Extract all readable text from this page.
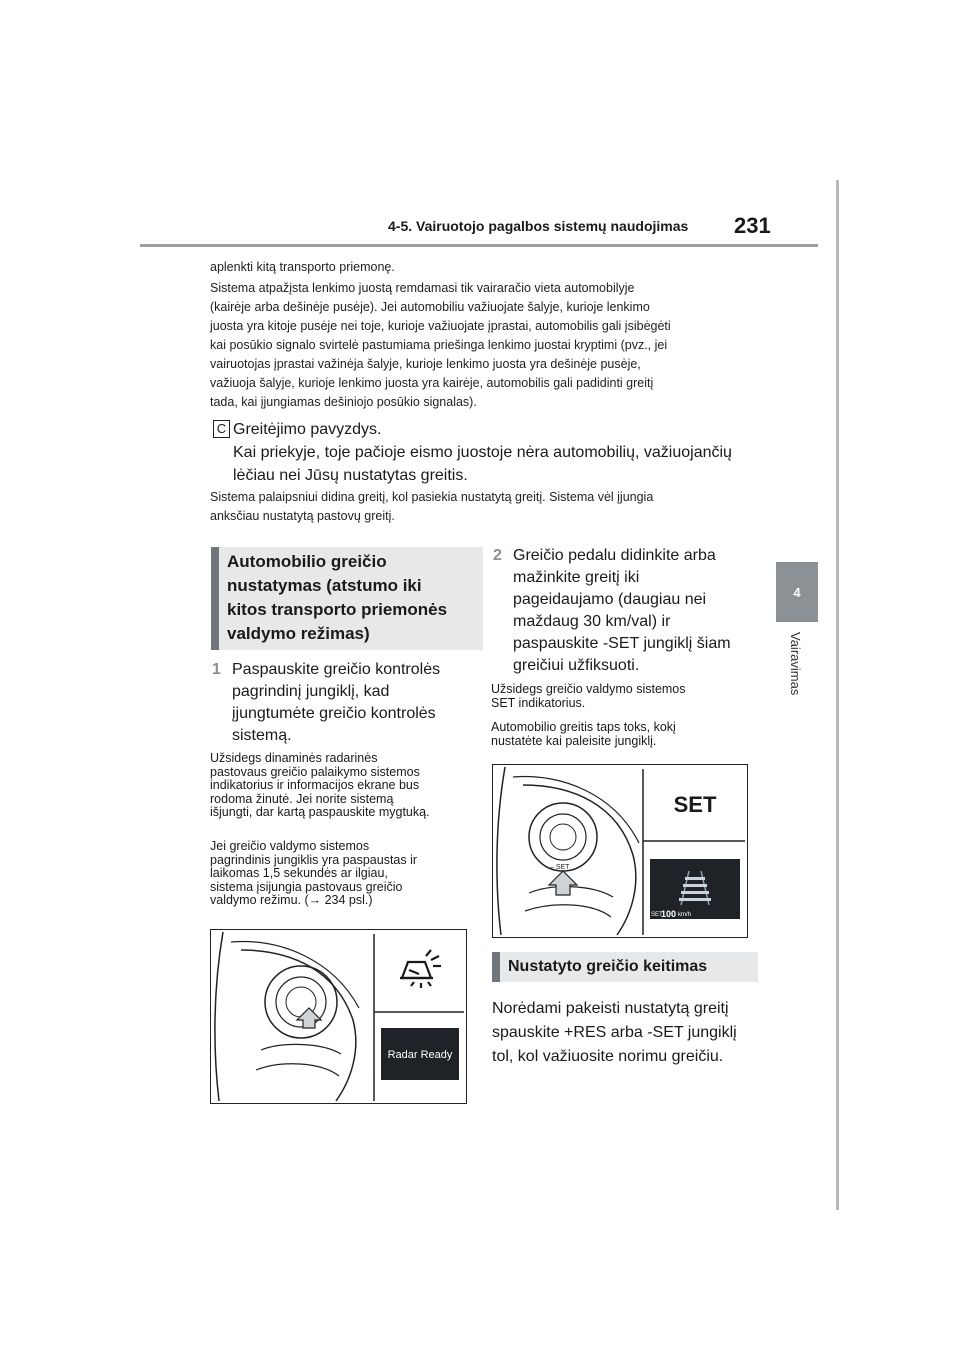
4-5. Vairuotojo pagalbos sistemų naudojimas 231
4
Vairavimas
aplenkti kitą transporto priemonę.
Sistema atpažįsta lenkimo juostą remdamasi tik vairaračio vieta automobilyje
(kairėje arba dešinėje pusėje). Jei automobiliu važiuojate šalyje, kurioje lenkimo
juosta yra kitoje pusėje nei toje, kurioje važiuojate įprastai, automobilis gali įsibėgėti
kai posūkio signalo svirtelė pastumiama priešinga lenkimo juostai kryptimi (pvz., jei
vairuotojas įprastai važinėja šalyje, kurioje lenkimo juosta yra dešinėje pusėje,
važiuoja šalyje, kurioje lenkimo juosta yra kairėje, automobilis gali padidinti greitį
tada, kai įjungiamas dešiniojo posūkio signalas).
C Greitėjimo pavyzdys.
Kai priekyje, toje pačioje eismo juostoje nėra automobilių, važiuojančių
lėčiau nei Jūsų nustatytas greitis.
Sistema palaipsniui didina greitį, kol pasiekia nustatytą greitį. Sistema vėl įjungia
anksčiau nustatytą pastovų greitį.
Automobilio greičio
nustatymas (atstumo iki
kitos transporto priemonės
valdymo režimas)
1 Paspauskite greičio kontrolės
pagrindinį jungiklį, kad
įjungtumėte greičio kontrolės
sistemą.
Užsidegs dinaminės radarinės
pastovaus greičio palaikymo sistemos
indikatorius ir informacijos ekrane bus
rodoma žinutė. Jei norite sistemą
išjungti, dar kartą paspauskite mygtuką.
Jei greičio valdymo sistemos
pagrindinis jungiklis yra paspaustas ir
laikomas 1,5 sekundės ar ilgiau,
sistema įsijungia pastovaus greičio
valdymo režimu. (→ 234 psl.)
Radar Ready
2 Greičio pedalu didinkite arba
mažinkite greitį iki
pageidaujamo (daugiau nei
maždaug 30 km/val) ir
paspauskite -SET jungiklį šiam
greičiui užfiksuoti.
Užsidegs greičio valdymo sistemos
SET indikatorius.
Automobilio greitis taps toks, kokį
nustatėte kai paleisite jungiklį.
– SET
SET
SET
100 km/h
Nustatyto greičio keitimas
Norėdami pakeisti nustatytą greitį
spauskite +RES arba -SET jungiklį
tol, kol važiuosite norimu greičiu.
